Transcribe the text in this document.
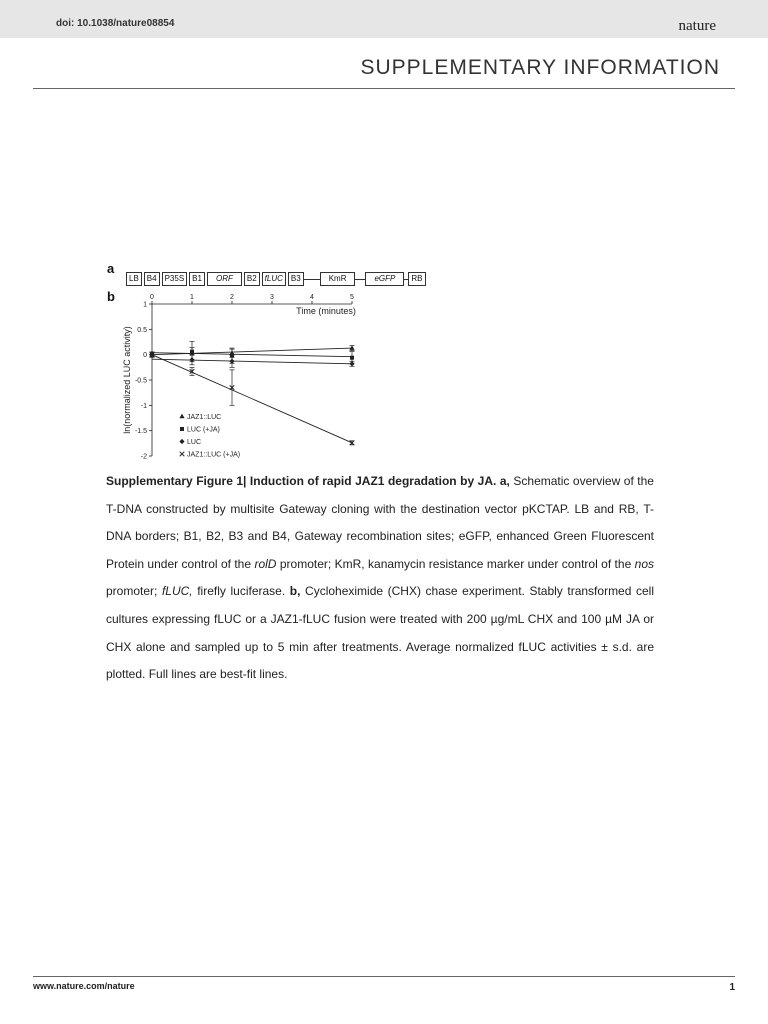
doi: 10.1038/nature08854	nature
SUPPLEMENTARY INFORMATION
a
b
LB	B4	P35S	B1	ORF	B2	fLUC	B3	KmR	eGFP	RB
0	1	2	3	4	5
1
0.5
0
-0.5
-1
-1.5
-2
Time (minutes)
ln(normalized LUC activity)	JAZ1::LUC
LUC (+JA)
LUC
JAZ1::LUC (+JA)
Supplementary Figure 1| Induction of rapid JAZ1 degradation by JA. a, Schematic overview of the T-DNA constructed by multisite Gateway cloning with the destination vector pKCTAP. LB and RB, T-DNA borders; B1, B2, B3 and B4, Gateway recombination sites; eGFP, enhanced Green Fluorescent Protein under control of the rolD promoter; KmR, kanamycin resistance marker under control of the nos promoter; fLUC, firefly luciferase. b, Cycloheximide (CHX) chase experiment. Stably transformed cell cultures expressing fLUC or a JAZ1-fLUC fusion were treated with 200 µg/mL CHX and 100 µM JA or CHX alone and sampled up to 5 min after treatments. Average normalized fLUC activities ± s.d. are plotted. Full lines are best-fit lines.
www.nature.com/nature	1
